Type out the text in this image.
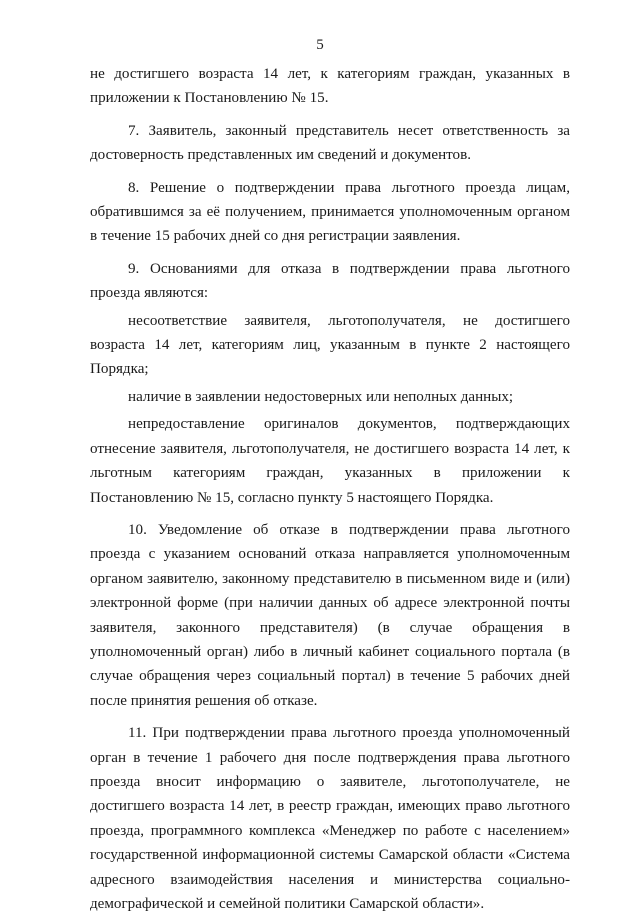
5

не достигшего возраста 14 лет, к категориям граждан, указанных в приложении к Постановлению № 15.

7. Заявитель, законный представитель несет ответственность за достоверность представленных им сведений и документов.

8. Решение о подтверждении права льготного проезда лицам, обратившимся за её получением, принимается уполномоченным органом в течение 15 рабочих дней со дня регистрации заявления.

9. Основаниями для отказа в подтверждении права льготного проезда являются:

несоответствие заявителя, льготополучателя, не достигшего возраста 14 лет, категориям лиц, указанным в пункте 2 настоящего Порядка;

наличие в заявлении недостоверных или неполных данных;

непредоставление оригиналов документов, подтверждающих отнесение заявителя, льготополучателя, не достигшего возраста 14 лет, к льготным категориям граждан, указанных в приложении к Постановлению № 15, согласно пункту 5 настоящего Порядка.

10. Уведомление об отказе в подтверждении права льготного проезда с указанием оснований отказа направляется уполномоченным органом заявителю, законному представителю в письменном виде и (или) электронной форме (при наличии данных об адресе электронной почты заявителя, законного представителя) (в случае обращения в уполномоченный орган) либо в личный кабинет социального портала (в случае обращения через социальный портал) в течение 5 рабочих дней после принятия решения об отказе.

11. При подтверждении права льготного проезда уполномоченный орган в течение 1 рабочего дня после подтверждения права льготного проезда вносит информацию о заявителе, льготополучателе, не достигшего возраста 14 лет, в реестр граждан, имеющих право льготного проезда, программного комплекса «Менеджер по работе с населением» государственной информационной системы Самарской области «Система адресного взаимодействия населения и министерства социально-демографической и семейной политики Самарской области».
